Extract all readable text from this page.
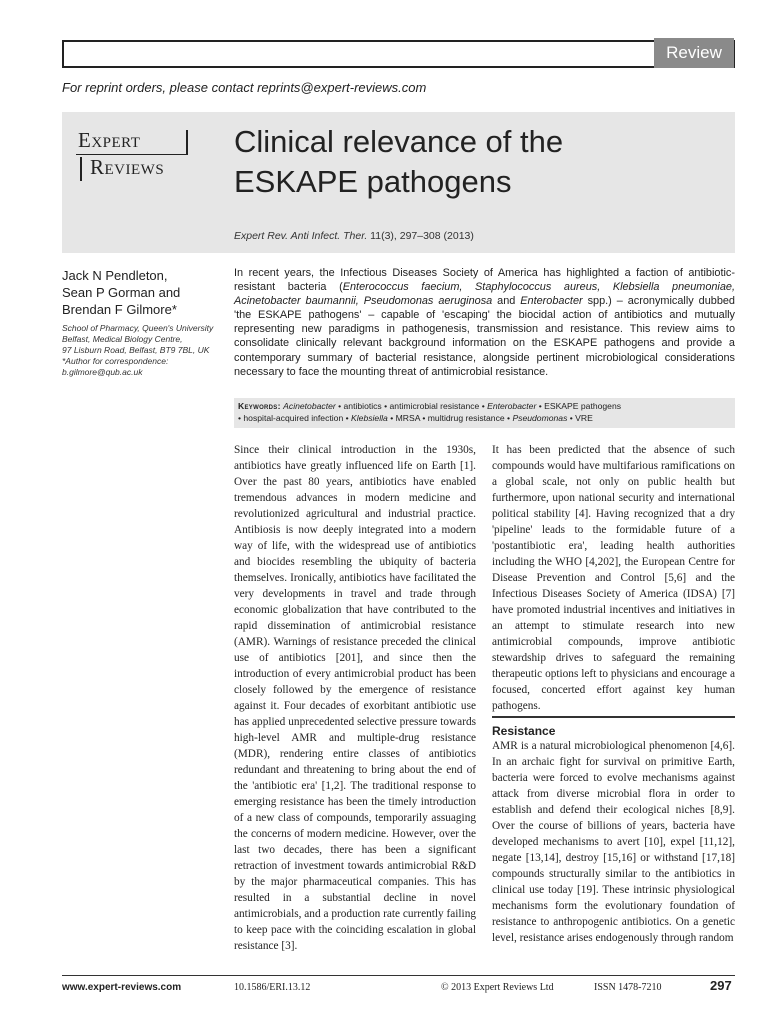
Review
For reprint orders, please contact reprints@expert-reviews.com
Expert
Reviews
Clinical relevance of the
ESKAPE pathogens
Expert Rev. Anti Infect. Ther. 11(3), 297–308 (2013)
Jack N Pendleton,
Sean P Gorman and
Brendan F Gilmore*
School of Pharmacy, Queen's University
Belfast, Medical Biology Centre,
97 Lisburn Road, Belfast, BT9 7BL, UK
*Author for correspondence:
b.gilmore@qub.ac.uk

In recent years, the Infectious Diseases Society of America has highlighted a faction of antibiotic-resistant bacteria (Enterococcus faecium, Staphylococcus aureus, Klebsiella pneumoniae, Acinetobacter baumannii, Pseudomonas aeruginosa and Enterobacter spp.) – acronymically dubbed 'the ESKAPE pathogens' – capable of 'escaping' the biocidal action of antibiotics and mutually representing new paradigms in pathogenesis, transmission and resistance. This review aims to consolidate clinically relevant background information on the ESKAPE pathogens and provide a contemporary summary of bacterial resistance, alongside pertinent microbiological considerations necessary to face the mounting threat of antimicrobial resistance.

Keywords: Acinetobacter • antibiotics • antimicrobial resistance • Enterobacter • ESKAPE pathogens
• hospital-acquired infection • Klebsiella • MRSA • multidrug resistance • Pseudomonas • VRE

Since their clinical introduction in the 1930s, antibiotics have greatly influenced life on Earth [1]. Over the past 80 years, antibiotics have enabled tremendous advances in modern medicine and revolutionized agricultural and industrial practice. Antibiosis is now deeply integrated into a modern way of life, with the widespread use of antibiotics and biocides resembling the ubiquity of bacteria themselves. Ironically, antibiotics have facilitated the very developments in travel and trade through economic globalization that have contributed to the rapid dissemination of antimicrobial resistance (AMR). Warnings of resistance preceded the clinical use of antibiotics [201], and since then the introduction of every antimicrobial product has been closely followed by the emergence of resistance against it. Four decades of exorbitant antibiotic use has applied unprecedented selective pressure towards high-level AMR and multiple-drug resistance (MDR), rendering entire classes of antibiotics redundant and threatening to bring about the end of the 'antibiotic era' [1,2]. The traditional response to emerging resistance has been the timely introduction of a new class of compounds, temporarily assuaging the concerns of modern medicine. However, over the last two decades, there has been a significant retraction of investment towards antimicrobial R&D by the major pharmaceutical companies. This has resulted in a substantial decline in novel antimicrobials, and a production rate currently failing to keep pace with the coinciding escalation in global resistance [3].

It has been predicted that the absence of such compounds would have multifarious ramifications on a global scale, not only on public health but furthermore, upon national security and international political stability [4]. Having recognized that a dry 'pipeline' leads to the formidable future of a 'postantibiotic era', leading health authorities including the WHO [4,202], the European Centre for Disease Prevention and Control [5,6] and the Infectious Diseases Society of America (IDSA) [7] have promoted industrial incentives and initiatives in an attempt to stimulate research into new antimicrobial compounds, improve antibiotic stewardship drives to safeguard the remaining therapeutic options left to physicians and encourage a focused, concerted effort against key human pathogens.

Resistance

AMR is a natural microbiological phenomenon [4,6]. In an archaic fight for survival on primitive Earth, bacteria were forced to evolve mechanisms against attack from diverse microbial flora in order to establish and defend their ecological niches [8,9]. Over the course of billions of years, bacteria have developed mechanisms to avert [10], expel [11,12], negate [13,14], destroy [15,16] or withstand [17,18] compounds structurally similar to the antibiotics in clinical use today [19]. These intrinsic physiological mechanisms form the evolutionary foundation of resistance to anthropogenic antibiotics. On a genetic level, resistance arises endogenously through random

www.expert-reviews.com	10.1586/ERI.13.12	© 2013 Expert Reviews Ltd	ISSN 1478-7210	297
